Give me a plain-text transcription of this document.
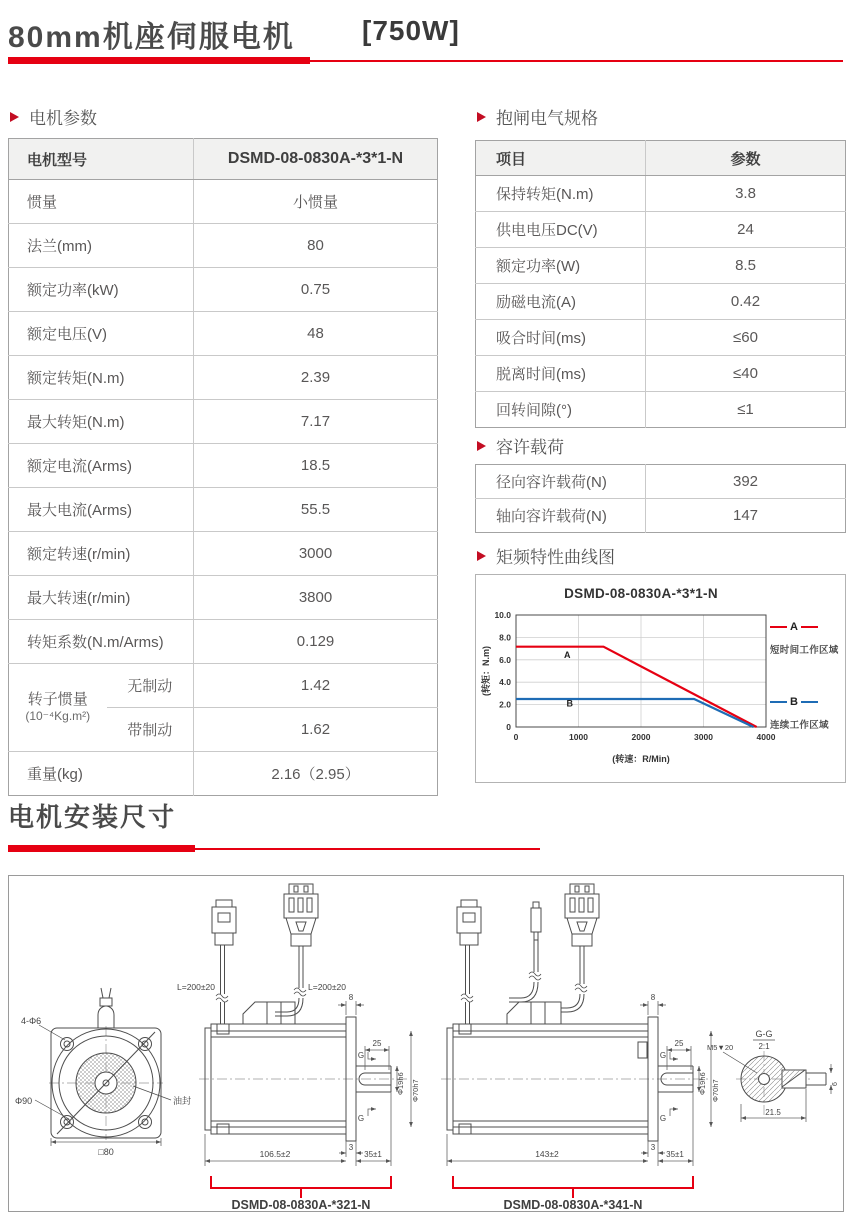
80mm机座伺服电机 [750W]
电机参数	抱闸电气规格
容许载荷
矩频特性曲线图
电机型号		DSMD-08-0830A-*3*1-N
惯量		小惯量
法兰(mm)		80
额定功率(kW)		0.75
额定电压(V)		48
额定转矩(N.m)		2.39
最大转矩(N.m)		7.17
额定电流(Arms)		18.5
最大电流(Arms)		55.5
额定转速(r/min)		3000
最大转速(r/min)		3800
转矩系数(N.m/Arms)		0.129

转子惯量
(10⁻⁴Kg.m²)	无制动	1.42
	带制动	1.62
重量(kg)		2.16（2.95）
项目	参数
保持转矩(N.m)	3.8
供电电压DC(V)	24
额定功率(W)	8.5
励磁电流(A)	0.42
吸合时间(ms)	≤60
脱离时间(ms)	≤40
回转间隙(°)	≤1
径向容许载荷(N)	392
轴向容许载荷(N)	147
DSMD-08-0830A-*3*1-N
(转速：R/Min)
(转矩：N.m)
0	1000	2000	3000	4000
0
2.0
4.0
6.0
8.0
10.0
A
B
A
短时间工作区域
B
连续工作区域
电机安装尺寸
4-Φ6
Φ90	油封
□80
L=200±20	L=200±20
8
25
G
G
Φ19h6 Φ70h7
106.5±2
3
35±1
8
25
G
G
Φ19h6 Φ70h7
143±2
3
35±1
G-G
2:1
M5▼20
21.5
6
DSMD-08-0830A-*321-N	DSMD-08-0830A-*341-N
